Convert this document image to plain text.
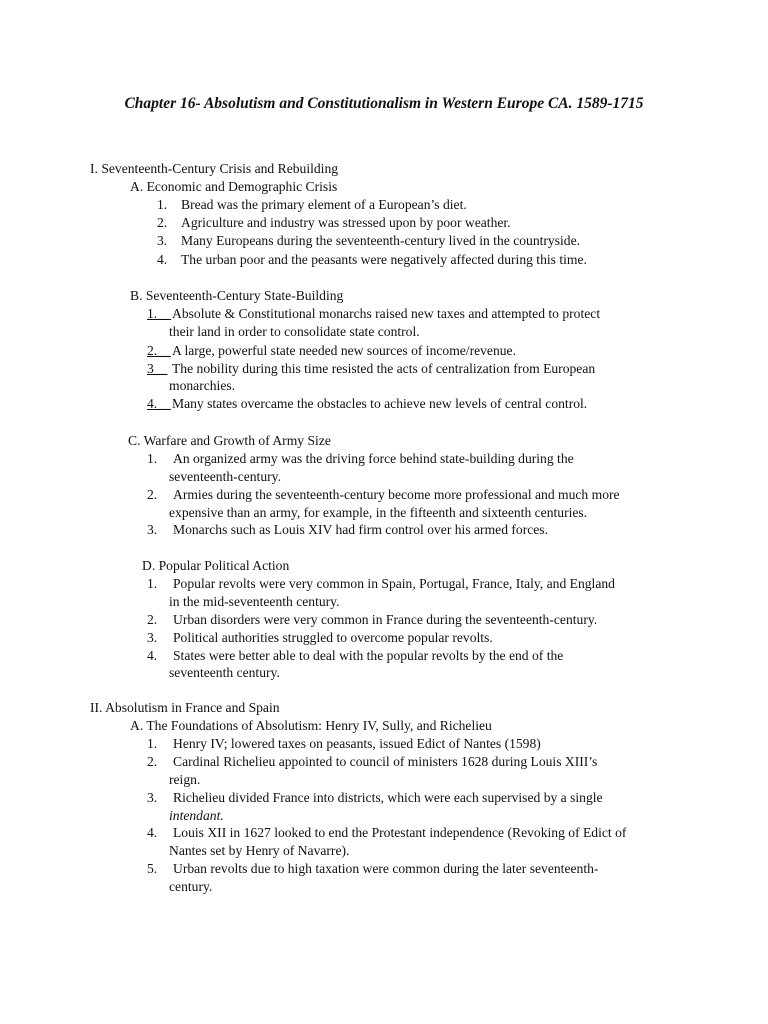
Chapter 16- Absolutism and Constitutionalism in Western Europe CA. 1589-1715
I. Seventeenth-Century Crisis and Rebuilding
A. Economic and Demographic Crisis
1. Bread was the primary element of a European’s diet.
2. Agriculture and industry was stressed upon by poor weather.
3. Many Europeans during the seventeenth-century lived in the countryside.
4. The urban poor and the peasants were negatively affected during this time.
B. Seventeenth-Century State-Building
1.__ Absolute & Constitutional monarchs raised new taxes and attempted to protect
their land in order to consolidate state control.
2.__ A large, powerful state needed new sources of income/revenue.
3__ The nobility during this time resisted the acts of centralization from European
monarchies.
4.__ Many states overcame the obstacles to achieve new levels of central control.
C. Warfare and Growth of Army Size
1. An organized army was the driving force behind state-building during the
seventeenth-century.
2. Armies during the seventeenth-century become more professional and much more
expensive than an army, for example, in the fifteenth and sixteenth centuries.
3. Monarchs such as Louis XIV had firm control over his armed forces.
D. Popular Political Action
1. Popular revolts were very common in Spain, Portugal, France, Italy, and England
in the mid-seventeenth century.
2. Urban disorders were very common in France during the seventeenth-century.
3. Political authorities struggled to overcome popular revolts.
4. States were better able to deal with the popular revolts by the end of the
seventeenth century.
II. Absolutism in France and Spain
A. The Foundations of Absolutism: Henry IV, Sully, and Richelieu
1. Henry IV; lowered taxes on peasants, issued Edict of Nantes (1598)
2. Cardinal Richelieu appointed to council of ministers 1628 during Louis XIII’s
reign.
3. Richelieu divided France into districts, which were each supervised by a single
intendant.
4. Louis XII in 1627 looked to end the Protestant independence (Revoking of Edict of
Nantes set by Henry of Navarre).
5. Urban revolts due to high taxation were common during the later seventeenth-
century.
